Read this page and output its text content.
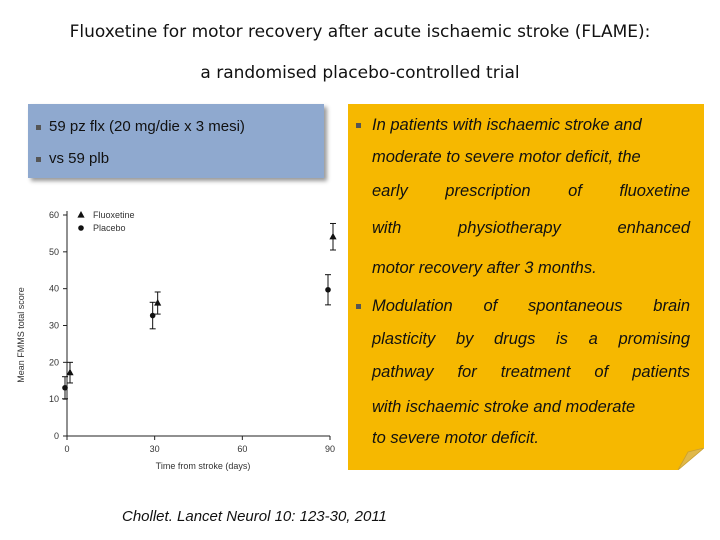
Fluoxetine for motor recovery after acute ischaemic stroke (FLAME):
a randomised placebo-controlled trial
59 pz flx (20 mg/die x 3 mesi)
vs 59 plb
In patients with ischaemic stroke and
moderate to severe motor deficit, the
early prescription of fluoxetine
with physiotherapy enhanced
motor recovery after 3 months.
Modulation of spontaneous brain
plasticity by drugs is a promising
pathway for treatment of patients
with ischaemic stroke and moderate
to severe motor deficit.
Mean FMMS total score
Time from stroke (days)
0
10
20
30
40
50
60
0	30	60	90
Fluoxetine
Placebo
Chollet. Lancet Neurol 10: 123-30, 2011
